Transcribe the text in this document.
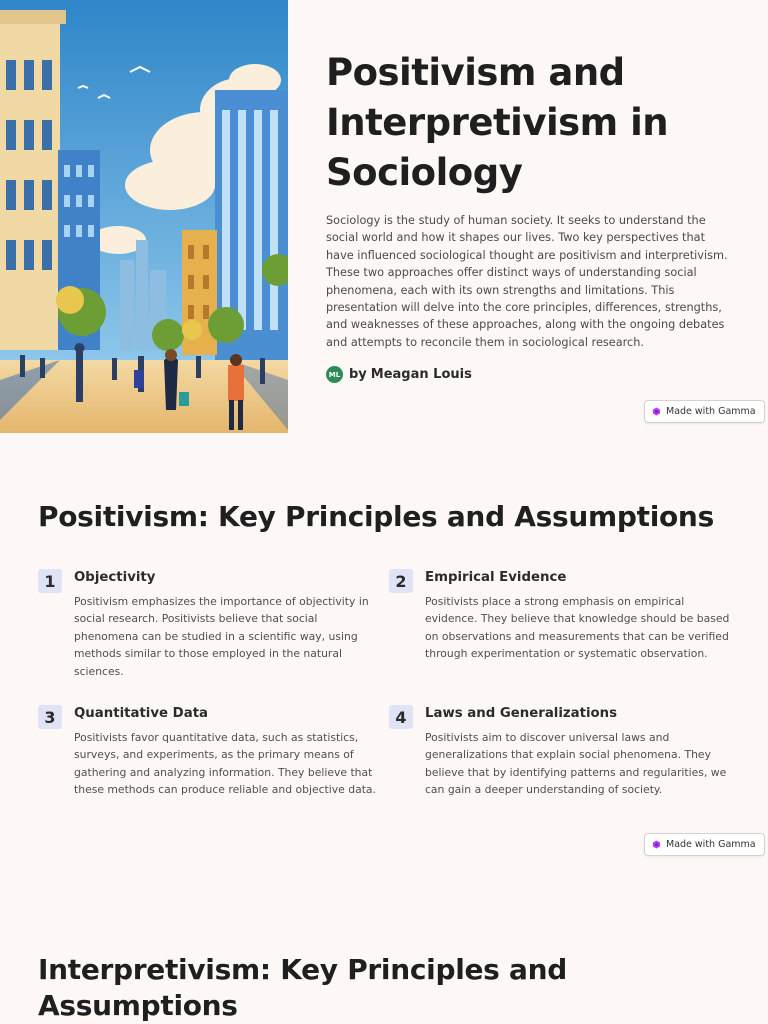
Positivism and Interpretivism in Sociology

Sociology is the study of human society. It seeks to understand the social world and how it shapes our lives. Two key perspectives that have influenced sociological thought are positivism and interpretivism. These two approaches offer distinct ways of understanding social phenomena, each with its own strengths and limitations. This presentation will delve into the core principles, differences, strengths, and weaknesses of these approaches, along with the ongoing debates and attempts to reconcile them in sociological research.

ML by Meagan Louis
Made with Gamma
Positivism: Key Principles and Assumptions
1	Objectivity

Positivism emphasizes the importance of objectivity in social research. Positivists believe that social phenomena can be studied in a scientific way, using methods similar to those employed in the natural sciences.

2	Empirical Evidence

Positivists place a strong emphasis on empirical evidence. They believe that knowledge should be based on observations and measurements that can be verified through experimentation or systematic observation.

3	Quantitative Data

Positivists favor quantitative data, such as statistics, surveys, and experiments, as the primary means of gathering and analyzing information. They believe that these methods can produce reliable and objective data.

4	Laws and Generalizations

Positivists aim to discover universal laws and generalizations that explain social phenomena. They believe that by identifying patterns and regularities, we can gain a deeper understanding of society.

Made with Gamma
Interpretivism: Key Principles and Assumptions
